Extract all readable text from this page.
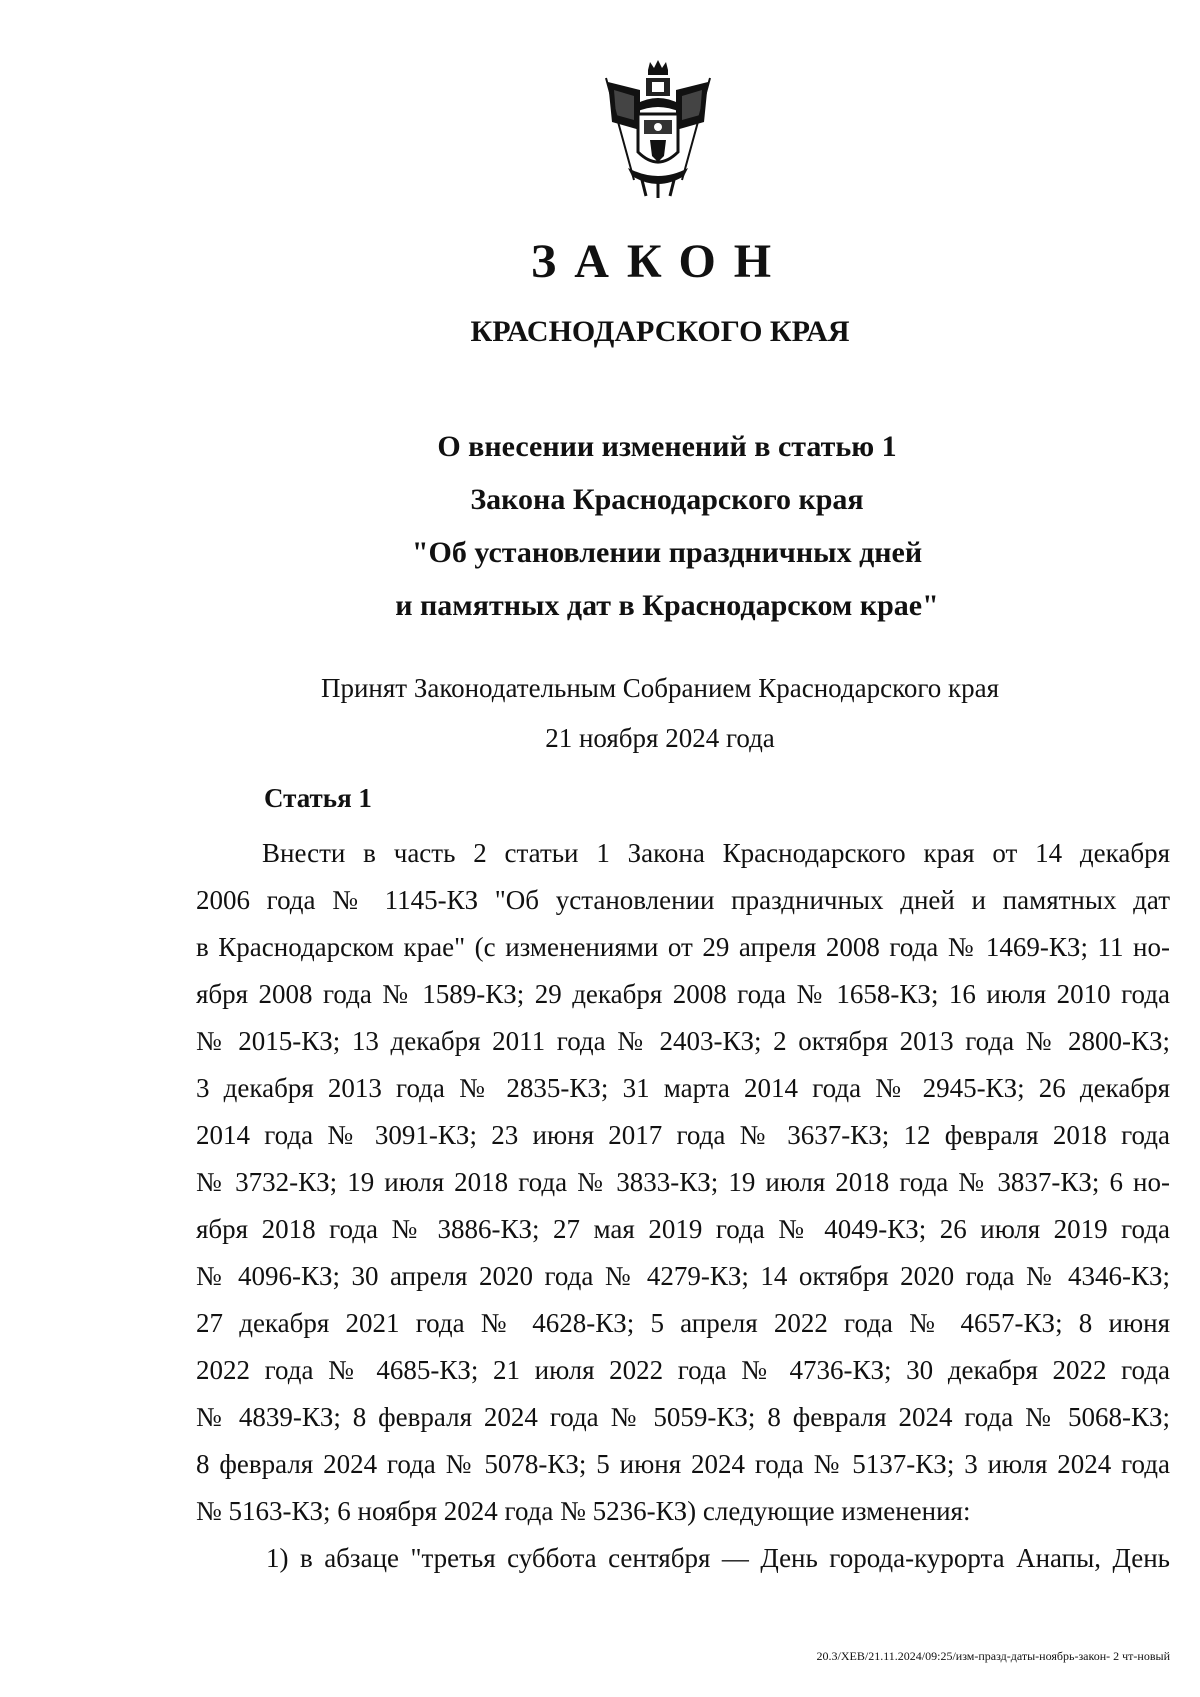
ЗАКОН
КРАСНОДАРСКОГО КРАЯ
О внесении изменений в статью 1
Закона Краснодарского края
"Об установлении праздничных дней
и памятных дат в Краснодарском крае"
Принят Законодательным Собранием Краснодарского края
21 ноября 2024 года
Статья 1
Внести в часть 2 статьи 1 Закона Краснодарского края от 14 декабря
2006 года № 1145-КЗ "Об установлении праздничных дней и памятных дат
в Краснодарском крае" (с изменениями от 29 апреля 2008 года № 1469-КЗ; 11 но-
ября 2008 года № 1589-КЗ; 29 декабря 2008 года № 1658-КЗ; 16 июля 2010 года
№ 2015-КЗ; 13 декабря 2011 года № 2403-КЗ; 2 октября 2013 года № 2800-КЗ;
3 декабря 2013 года № 2835-КЗ; 31 марта 2014 года № 2945-КЗ; 26 декабря
2014 года № 3091-КЗ; 23 июня 2017 года № 3637-КЗ; 12 февраля 2018 года
№ 3732-КЗ; 19 июля 2018 года № 3833-КЗ; 19 июля 2018 года № 3837-КЗ; 6 но-
ября 2018 года № 3886-КЗ; 27 мая 2019 года № 4049-КЗ; 26 июля 2019 года
№ 4096-КЗ; 30 апреля 2020 года № 4279-КЗ; 14 октября 2020 года № 4346-КЗ;
27 декабря 2021 года № 4628-КЗ; 5 апреля 2022 года № 4657-КЗ; 8 июня
2022 года № 4685-КЗ; 21 июля 2022 года № 4736-КЗ; 30 декабря 2022 года
№ 4839-КЗ; 8 февраля 2024 года № 5059-КЗ; 8 февраля 2024 года № 5068-КЗ;
8 февраля 2024 года № 5078-КЗ; 5 июня 2024 года № 5137-КЗ; 3 июля 2024 года
№ 5163-КЗ; 6 ноября 2024 года № 5236-КЗ) следующие изменения:
1) в абзаце "третья суббота сентября — День города-курорта Анапы, День
20.3/ХЕВ/21.11.2024/09:25/изм-празд-даты-ноябрь-закон- 2 чт-новый
